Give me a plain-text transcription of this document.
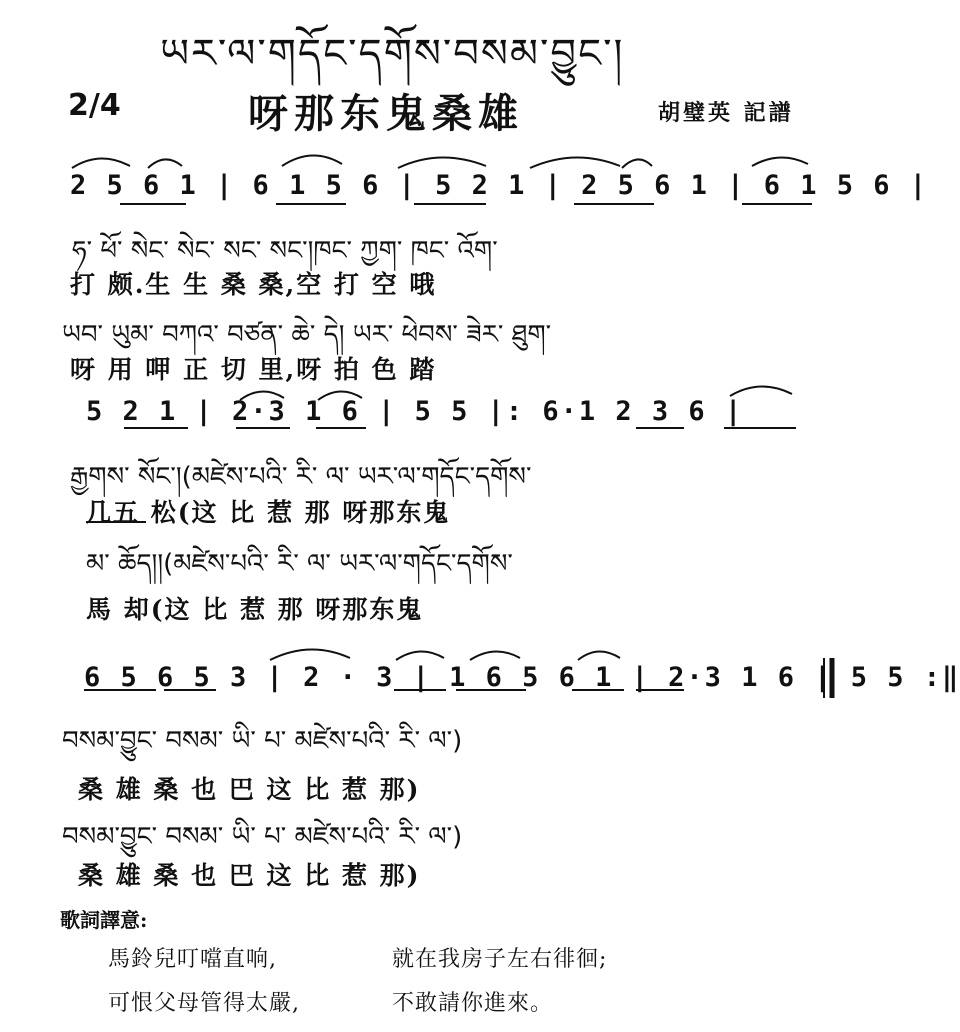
ཡར་ལ་གདོང་དགོས་བསམ་བྱུང་།
2/4	呀那东鬼桑雄	胡璧英 記譜
2 5 6 1 | 6 1 5 6 | 5 2 1 | 2 5 6 1 | 6 1 5 6 |
ཧ་ ཕོ་ སེང་ སེང་ སང་ སང་།ཁང་ ཀྱག་ ཁང་ འོག་
打 颇.生 生 桑 桑,空 打 空 哦
ཡབ་ ཡུམ་ བཀའ་ བཙན་ ཆེ་ དེ། ཡར་ ཕེབས་ ཟེར་ ཐུག་
呀 用 呷 正 切 里,呀 拍 色 踏
5 2 1 | 2·3 1 6 | 5 5 |: 6·1 2 3 6 |
རྒྱགས་ སོང་།(མཛེས་པའི་ རི་ ལ་ ཡར་ལ་གདོང་དགོས་
几五 松(这 比 惹 那 呀那东鬼
མ་ ཆོད།།(མཛེས་པའི་ རི་ ལ་ ཡར་ལ་གདོང་དགོས་
馬 却(这 比 惹 那 呀那东鬼
6 5 6 5 3 | 2 · 3 | 1 6 5 6 1 | 2·3 1 6 | 5 5 :‖
བསམ་བྱུང་ བསམ་ ཡི་ པ་ མཛེས་པའི་ རི་ ལ་)
桑 雄 桑 也 巴 这 比 惹 那)
བསམ་བྱུང་ བསམ་ ཡི་ པ་ མཛེས་པའི་ རི་ ལ་)
桑 雄 桑 也 巴 这 比 惹 那)
歌詞譯意:
馬鈴兒叮噹直响,	就在我房子左右徘徊;
可恨父母管得太嚴,	不敢請你進來。
